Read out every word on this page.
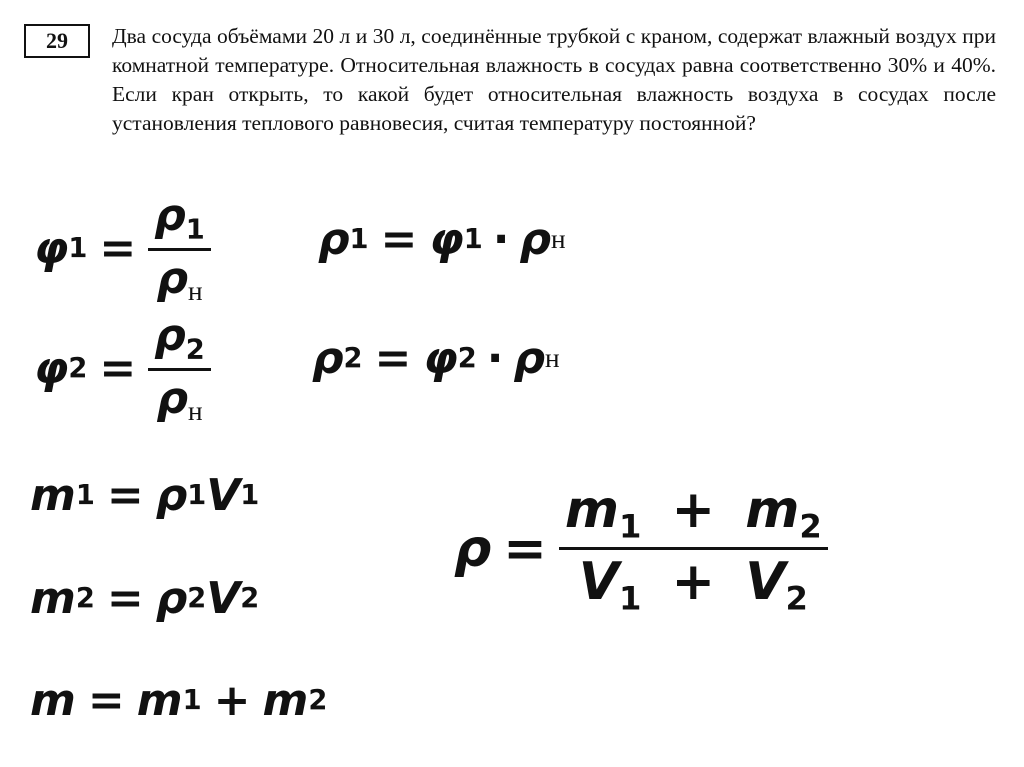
29	Два сосуда объёмами 20 л и 30 л, соединённые трубкой с краном, содержат влажный воздух при комнатной температуре. Относительная влажность в сосудах равна соответственно 30% и 40%. Если кран открыть, то какой будет относительная влажность воздуха в сосудах после установления теплового равновесия, считая температуру постоянной?

φ $1 = \frac{\rho_1}{\rho н}$ ρ 1 = φ 1 · ρ н
φ $2 = \frac{\rho_2}{\rho н}$ ρ 2 = φ 2 · ρ н
m 1 = ρ 1 V 1
m 2 = ρ 2 V 2
m = m 1 + m 2
$\rho = \frac{m_1 + m_2}{V_1 + V_2}$
